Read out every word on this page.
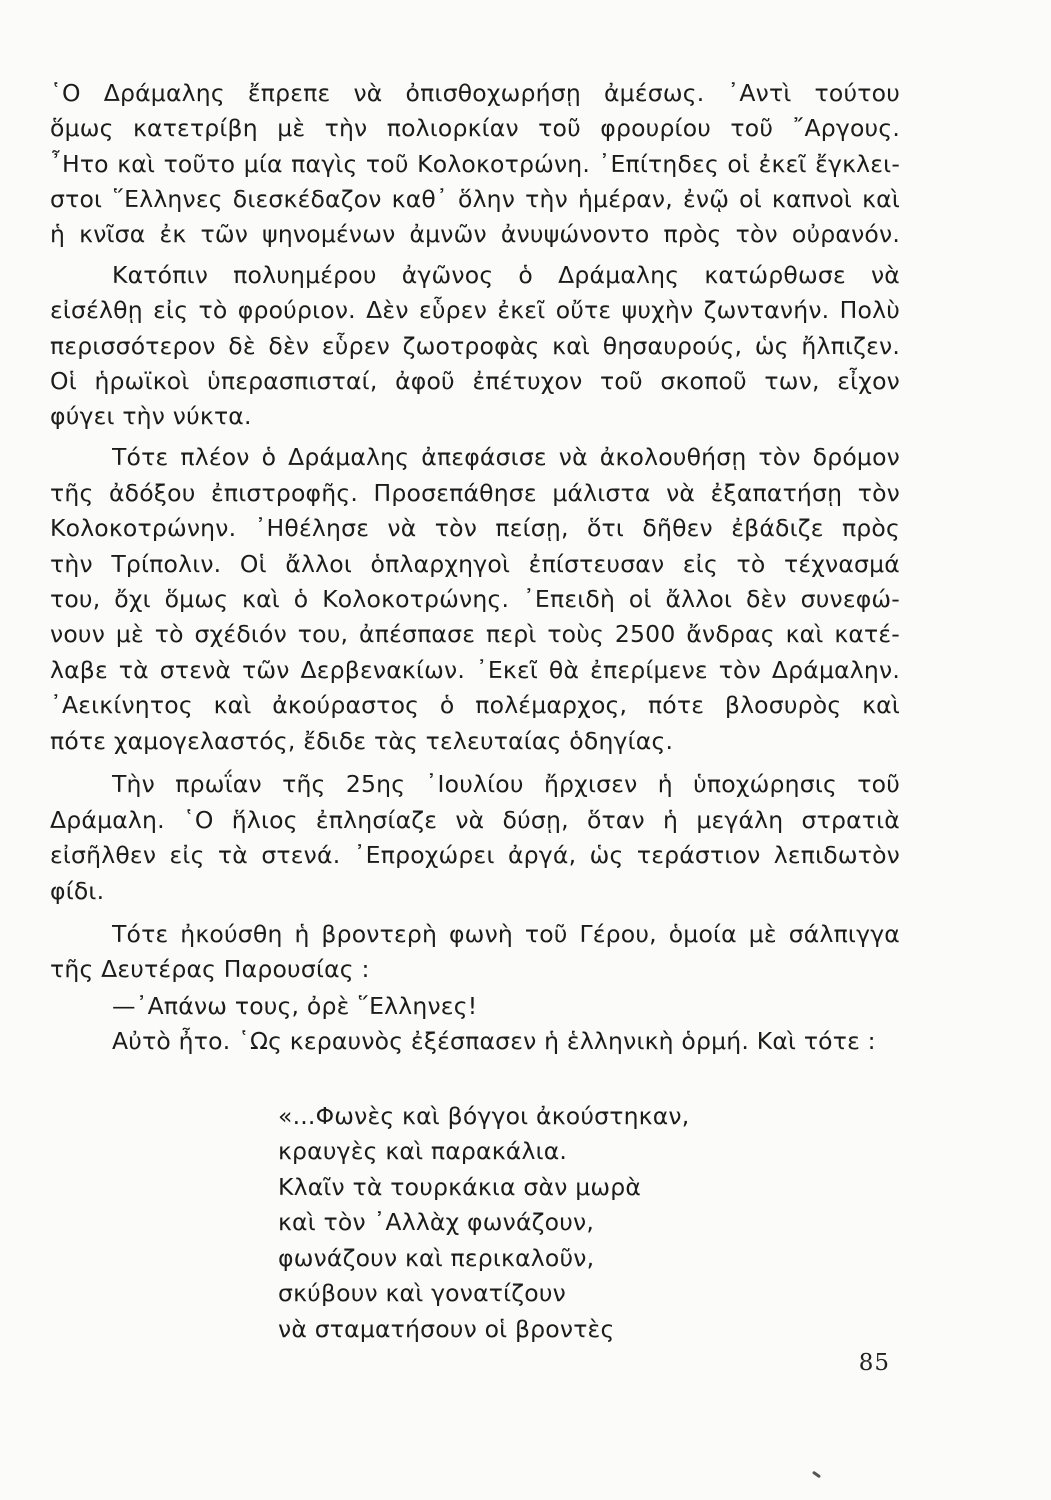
῾Ο Δράμαλης ἔπρεπε νὰ ὀπισθοχωρήσῃ ἀμέσως. ᾿Αντὶ τούτου
ὅμως κατετρίβη μὲ τὴν πολιορκίαν τοῦ φρουρίου τοῦ ῎Αργους.
῏Ητο καὶ τοῦτο μία παγὶς τοῦ Κολοκοτρώνη. ᾿Επίτηδες οἱ ἐκεῖ ἔγκλει-
στοι ῞Ελληνες διεσκέδαζον καθ᾿ ὅλην τὴν ἡμέραν, ἐνῷ οἱ καπνοὶ καὶ
ἡ κνῖσα ἐκ τῶν ψηνομένων ἀμνῶν ἀνυψώνοντο πρὸς τὸν οὐρανόν.
Κατόπιν πολυημέρου ἀγῶνος ὁ Δράμαλης κατώρθωσε νὰ
εἰσέλθῃ εἰς τὸ φρούριον. Δὲν εὗρεν ἐκεῖ οὔτε ψυχὴν ζωντανήν. Πολὺ
περισσότερον δὲ δὲν εὗρεν ζωοτροφὰς καὶ θησαυρούς, ὡς ἤλπιζεν.
Οἱ ἡρωϊκοὶ ὑπερασπισταί, ἀφοῦ ἐπέτυχον τοῦ σκοποῦ των, εἶχον
φύγει τὴν νύκτα.
Τότε πλέον ὁ Δράμαλης ἀπεφάσισε νὰ ἀκολουθήσῃ τὸν δρόμον
τῆς ἀδόξου ἐπιστροφῆς. Προσεπάθησε μάλιστα νὰ ἐξαπατήσῃ τὸν
Κολοκοτρώνην. ᾿Ηθέλησε νὰ τὸν πείσῃ, ὅτι δῆθεν ἐβάδιζε πρὸς
τὴν Τρίπολιν. Οἱ ἄλλοι ὁπλαρχηγοὶ ἐπίστευσαν εἰς τὸ τέχνασμά
του, ὄχι ὅμως καὶ ὁ Κολοκοτρώνης. ᾿Επειδὴ οἱ ἄλλοι δὲν συνεφώ-
νουν μὲ τὸ σχέδιόν του, ἀπέσπασε περὶ τοὺς 2500 ἄνδρας καὶ κατέ-
λαβε τὰ στενὰ τῶν Δερβενακίων. ᾿Εκεῖ θὰ ἐπερίμενε τὸν Δράμαλην.
᾿Αεικίνητος καὶ ἀκούραστος ὁ πολέμαρχος, πότε βλοσυρὸς καὶ
πότε χαμογελαστός, ἔδιδε τὰς τελευταίας ὁδηγίας.
Τὴν πρωΐαν τῆς 25ης ᾿Ιουλίου ἤρχισεν ἡ ὑποχώρησις τοῦ
Δράμαλη. ῾Ο ἥλιος ἐπλησίαζε νὰ δύσῃ, ὅταν ἡ μεγάλη στρατιὰ
εἰσῆλθεν εἰς τὰ στενά. ᾿Επροχώρει ἀργά, ὡς τεράστιον λεπιδωτὸν
φίδι.
Τότε ἠκούσθη ἡ βροντερὴ φωνὴ τοῦ Γέρου, ὁμοία μὲ σάλπιγγα
τῆς Δευτέρας Παρουσίας :
—᾿Απάνω τους, ὀρὲ ῞Ελληνες!
Αὐτὸ ἦτο. ῾Ως κεραυνὸς ἐξέσπασεν ἡ ἑλληνικὴ ὁρμή. Καὶ τότε :
«...Φωνὲς καὶ βόγγοι ἀκούστηκαν,
κραυγὲς καὶ παρακάλια.
Κλαῖν τὰ τουρκάκια σὰν μωρὰ
καὶ τὸν ᾿Αλλὰχ φωνάζουν,
φωνάζουν καὶ περικαλοῦν,
σκύβουν καὶ γονατίζουν
νὰ σταματήσουν οἱ βροντὲς
85
